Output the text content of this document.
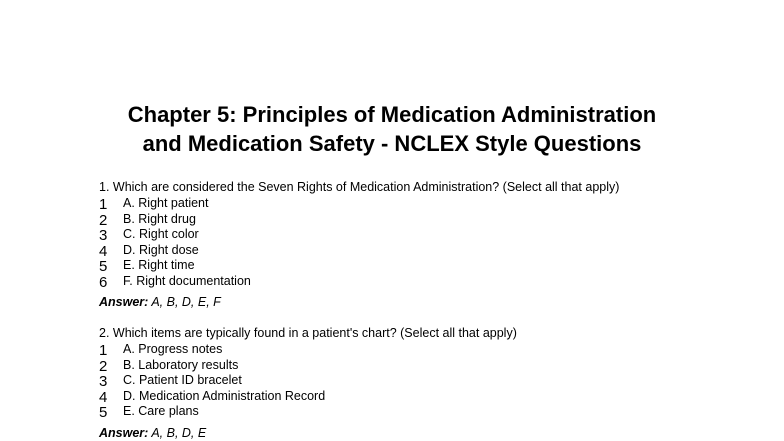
Chapter 5: Principles of Medication Administration
and Medication Safety - NCLEX Style Questions
1. Which are considered the Seven Rights of Medication Administration? (Select all that apply)
1 A. Right patient
2 B. Right drug
3 C. Right color
4 D. Right dose
5 E. Right time
6 F. Right documentation
Answer: A, B, D, E, F
2. Which items are typically found in a patient's chart? (Select all that apply)
1 A. Progress notes
2 B. Laboratory results
3 C. Patient ID bracelet
4 D. Medication Administration Record
5 E. Care plans
Answer: A, B, D, E
